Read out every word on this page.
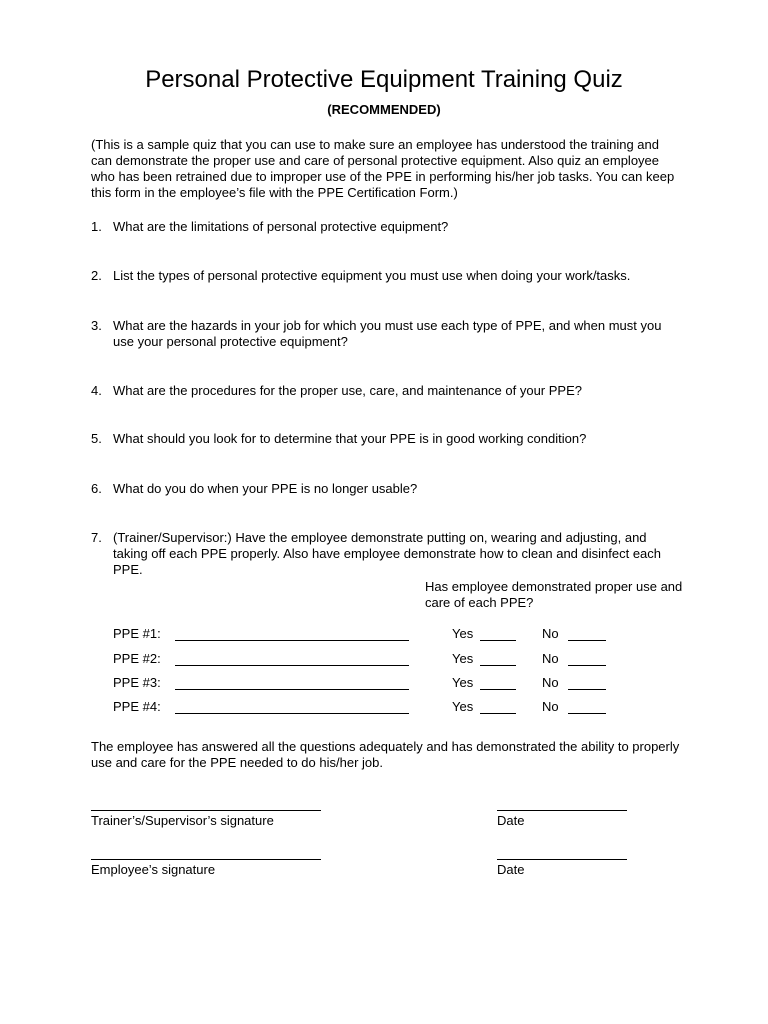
Personal Protective Equipment Training Quiz
(RECOMMENDED)
(This is a sample quiz that you can use to make sure an employee has understood the training and can demonstrate the proper use and care of personal protective equipment. Also quiz an employee who has been retrained due to improper use of the PPE in performing his/her job tasks. You can keep this form in the employee’s file with the PPE Certification Form.)
1. What are the limitations of personal protective equipment?
2. List the types of personal protective equipment you must use when doing your work/tasks.
3. What are the hazards in your job for which you must use each type of PPE, and when must you use your personal protective equipment?
4. What are the procedures for the proper use, care, and maintenance of your PPE?
5. What should you look for to determine that your PPE is in good working condition?
6. What do you do when your PPE is no longer usable?
7. (Trainer/Supervisor:) Have the employee demonstrate putting on, wearing and adjusting, and taking off each PPE properly. Also have employee demonstrate how to clean and disinfect each PPE.
Has employee demonstrated proper use and care of each PPE?
PPE #1:	Yes	No
PPE #2:	Yes	No
PPE #3:	Yes	No
PPE #4:	Yes	No
The employee has answered all the questions adequately and has demonstrated the ability to properly use and care for the PPE needed to do his/her job.
Trainer’s/Supervisor’s signature	Date
Employee’s signature	Date
